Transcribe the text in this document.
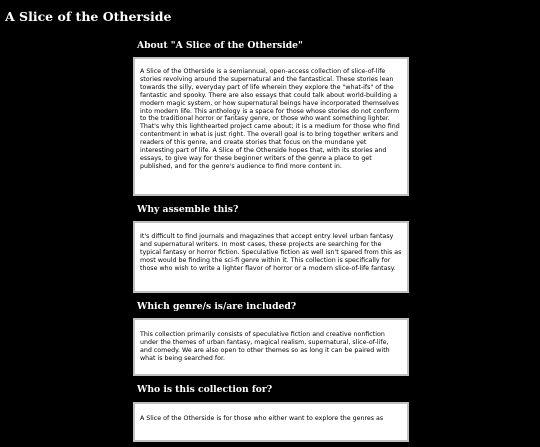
A Slice of the Otherside
About "A Slice of the Otherside"
A Slice of the Otherside is a semiannual, open-access collection of slice-of-life stories revolving around the supernatural and the fantastical. These stories lean towards the silly, everyday part of life wherein they explore the "what-ifs" of the fantastic and spooky. There are also essays that could talk about world-building a modern magic system, or how supernatural beings have incorporated themselves into modern life. This anthology is a space for those whose stories do not conform to the traditional horror or fantasy genre, or those who want something lighter. That's why this lighthearted project came about; it is a medium for those who find contentment in what is just right. The overall goal is to bring together writers and readers of this genre, and create stories that focus on the mundane yet interesting part of life. A Slice of the Otherside hopes that, with its stories and essays, to give way for these beginner writers of the genre a place to get published, and for the genre's audience to find more content in.
Why assemble this?
It's difficult to find journals and magazines that accept entry level urban fantasy and supernatural writers. In most cases, these projects are searching for the typical fantasy or horror fiction. Speculative fiction as well isn't spared from this as most would be finding the sci-fi genre within it. This collection is specifically for those who wish to write a lighter flavor of horror or a modern slice-of-life fantasy.
Which genre/s is/are included?
This collection primarily consists of speculative fiction and creative nonfiction under the themes of urban fantasy, magical realism, supernatural, slice-of-life, and comedy. We are also open to other themes so as long it can be paired with what is being searched for.
Who is this collection for?
A Slice of the Otherside is for those who either want to explore the genres as
